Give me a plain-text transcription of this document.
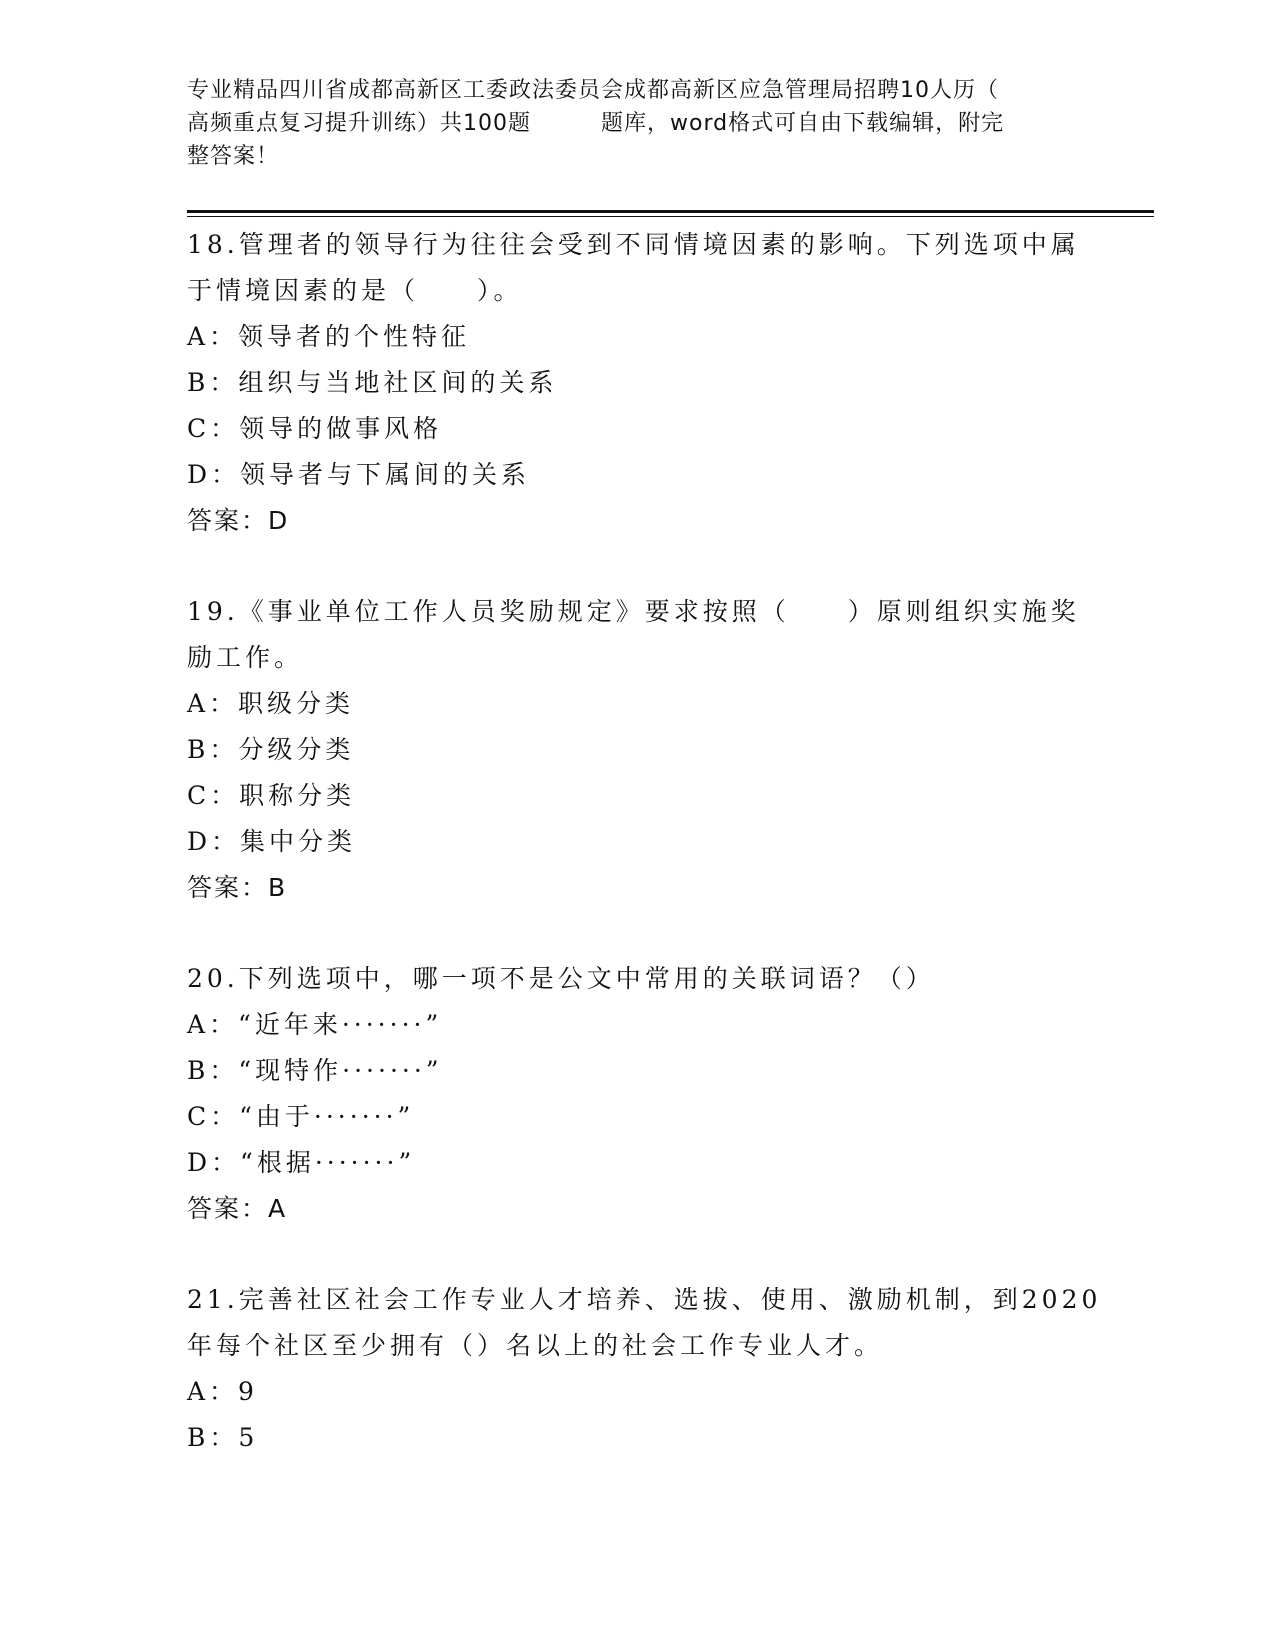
专业精品四川省成都高新区工委政法委员会成都高新区应急管理局招聘10人历（
高频重点复习提升训练）共100题	题库，word格式可自由下载编辑，附完
整答案！
18.管理者的领导行为往往会受到不同情境因素的影响。下列选项中属
于情境因素的是（　　）。
A：领导者的个性特征
B：组织与当地社区间的关系
C：领导的做事风格
D：领导者与下属间的关系
答案：D
19.《事业单位工作人员奖励规定》要求按照（　　）原则组织实施奖
励工作。
A：职级分类
B：分级分类
C：职称分类
D：集中分类
答案：B
20.下列选项中，哪一项不是公文中常用的关联词语？（）
A：“近年来·······”
B：“现特作·······”
C：“由于·······”
D：“根据·······”
答案：A
21.完善社区社会工作专业人才培养、选拔、使用、激励机制，到2020
年每个社区至少拥有（）名以上的社会工作专业人才。
A：9
B：5
